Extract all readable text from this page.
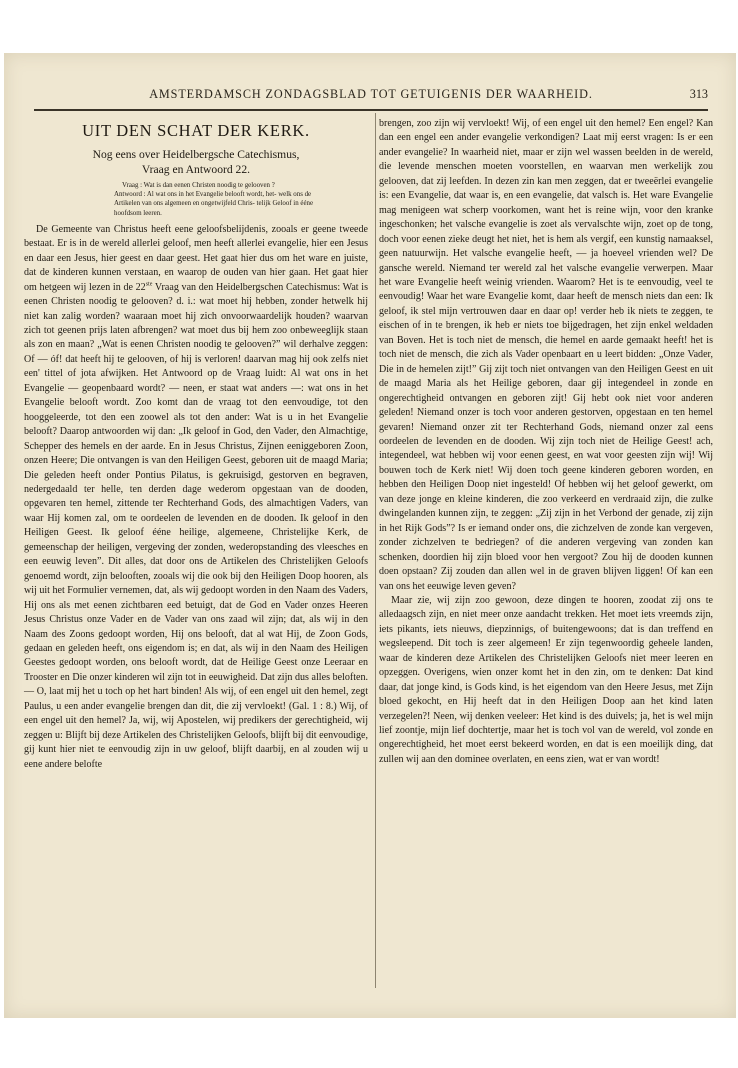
AMSTERDAMSCH ZONDAGSBLAD TOT GETUIGENIS DER WAARHEID.	313
UIT DEN SCHAT DER KERK.
Nog eens over Heidelbergsche Catechismus,
Vraag en Antwoord 22.
Vraag : Wat is dan eenen Christen noodig te gelooven ?
Antwoord : Al wat ons in het Evangelie belooft wordt, het- welk ons de Artikelen van ons algemeen en ongetwijfeld Chris- telijk Geloof in ééne hoofdsom leeren.

De Gemeente van Christus heeft eene geloofsbelijdenis, zooals er geene tweede bestaat. Er is in de wereld allerlei geloof, men heeft allerlei evangelie, hier een Jesus en daar een Jesus, hier geest en daar geest. Het gaat hier dus om het ware en juiste, dat de kinderen kunnen verstaan, en waarop de ouden van hier gaan. Het gaat hier om hetgeen wij lezen in de 22ste Vraag van den Heidelbergschen Catechismus: Wat is eenen Christen noodig te gelooven? d. i.: wat moet hij hebben, zonder hetwelk hij niet kan zalig worden? waaraan moet hij zich onvoorwaardelijk houden? waarvan zich tot geenen prijs laten afbrengen? wat moet dus bij hem zoo onbeweeglijk staan als zon en maan? „Wat is eenen Christen noodig te gelooven?” wil derhalve zeggen: Of — óf! dat heeft hij te gelooven, of hij is verloren! daarvan mag hij ook zelfs niet een' tittel of jota afwijken. Het Antwoord op de Vraag luidt: Al wat ons in het Evangelie — geopenbaard wordt? — neen, er staat wat anders —: wat ons in het Evangelie belooft wordt. Zoo komt dan de vraag tot den eenvoudige, tot den hooggeleerde, tot den een zoowel als tot den ander: Wat is u in het Evangelie belooft? Daarop antwoorden wij dan: „Ik geloof in God, den Vader, den Almachtige, Schepper des hemels en der aarde. En in Jesus Christus, Zijnen eeniggeboren Zoon, onzen Heere; Die ontvangen is van den Heiligen Geest, geboren uit de maagd Maria; Die geleden heeft onder Pontius Pilatus, is gekruisigd, gestorven en begraven, nedergedaald ter helle, ten derden dage wederom opgestaan van de dooden, opgevaren ten hemel, zittende ter Rechterhand Gods, des almachtigen Vaders, van waar Hij komen zal, om te oordeelen de levenden en de dooden. Ik geloof in den Heiligen Geest. Ik geloof ééne heilige, algemeene, Christelijke Kerk, de gemeenschap der heiligen, vergeving der zonden, wederopstanding des vleesches en een eeuwig leven”. Dit alles, dat door ons de Artikelen des Christelijken Geloofs genoemd wordt, zijn belooften, zooals wij die ook bij den Heiligen Doop hooren, als wij uit het Formulier vernemen, dat, als wij gedoopt worden in den Naam des Vaders, Hij ons als met eenen zichtbaren eed betuigt, dat de God en Vader onzes Heeren Jesus Christus onze Vader en de Vader van ons zaad wil zijn; dat, als wij in den Naam des Zoons gedoopt worden, Hij ons belooft, dat al wat Hij, de Zoon Gods, gedaan en geleden heeft, ons eigendom is; en dat, als wij in den Naam des Heiligen Geestes gedoopt worden, ons belooft wordt, dat de Heilige Geest onze Leeraar en Trooster en Die onzer kinderen wil zijn tot in eeuwigheid. Dat zijn dus alles beloften. — O, laat mij het u toch op het hart binden! Als wij, of een engel uit den hemel, zegt Paulus, u een ander evangelie brengen dan dit, die zij vervloekt! (Gal. 1 : 8.) Wij, of een engel uit den hemel? Ja, wij, wij Apostelen, wij predikers der gerechtigheid, wij zeggen u: Blijft bij deze Artikelen des Christelijken Geloofs, blijft bij dit eenvoudige, gij kunt hier niet te eenvoudig zijn in uw geloof, blijft daarbij, en al zouden wij u eene andere belofte

brengen, zoo zijn wij vervloekt! Wij, of een engel uit den hemel? Een engel? Kan dan een engel een ander evangelie verkondigen? Laat mij eerst vragen: Is er een ander evangelie? In waarheid niet, maar er zijn wel wassen beelden in de wereld, die levende menschen moeten voorstellen, en waarvan men werkelijk zou gelooven, dat zij leefden. In dezen zin kan men zeggen, dat er tweeërlei evangelie is: een Evangelie, dat waar is, en een evangelie, dat valsch is. Het ware Evangelie mag menigeen wat scherp voorkomen, want het is reine wijn, voor den kranke ingeschonken; het valsche evangelie is zoet als vervalschte wijn, zoet op de tong, doch voor eenen zieke deugt het niet, het is hem als vergif, een kunstig namaaksel, geen natuurwijn. Het valsche evangelie heeft, — ja hoeveel vrienden wel? De gansche wereld. Niemand ter wereld zal het valsche evangelie verwerpen. Maar het ware Evangelie heeft weinig vrienden. Waarom? Het is te eenvoudig, veel te eenvoudig! Waar het ware Evangelie komt, daar heeft de mensch niets dan een: Ik geloof, ik stel mijn vertrouwen daar en daar op! verder heb ik niets te zeggen, te eischen of in te brengen, ik heb er niets toe bijgedragen, het zijn enkel weldaden van Boven. Het is toch niet de mensch, die hemel en aarde gemaakt heeft! het is toch niet de mensch, die zich als Vader openbaart en u leert bidden: „Onze Vader, Die in de hemelen zijt!” Gij zijt toch niet ontvangen van den Heiligen Geest en uit de maagd Maria als het Heilige geboren, daar gij integendeel in zonde en ongerechtigheid ontvangen en geboren zijt! Gij hebt ook niet voor anderen geleden! Niemand onzer is toch voor anderen gestorven, opgestaan en ten hemel gevaren! Niemand onzer zit ter Rechterhand Gods, niemand onzer zal eens oordeelen de levenden en de dooden. Wij zijn toch niet de Heilige Geest! ach, integendeel, wat hebben wij voor eenen geest, en wat voor geesten zijn wij! Wij bouwen toch de Kerk niet! Wij doen toch geene kinderen geboren worden, en hebben den Heiligen Doop niet ingesteld! Of hebben wij het geloof gewerkt, om van deze jonge en kleine kinderen, die zoo verkeerd en verdraaid zijn, die zulke dwingelanden kunnen zijn, te zeggen: „Zij zijn in het Verbond der genade, zij zijn in het Rijk Gods”? Is er iemand onder ons, die zichzelven de zonde kan vergeven, zonder zichzelven te bedriegen? of die anderen vergeving van zonden kan schenken, doordien hij zijn bloed voor hen vergoot? Zou hij de dooden kunnen doen opstaan? Zij zouden dan allen wel in de graven blijven liggen! Of kan een van ons het eeuwige leven geven?

Maar zie, wij zijn zoo gewoon, deze dingen te hooren, zoodat zij ons te alledaagsch zijn, en niet meer onze aandacht trekken. Het moet iets vreemds zijn, iets pikants, iets nieuws, diepzinnigs, of buitengewoons; dat is dan treffend en wegsleepend. Dit toch is zeer algemeen! Er zijn tegenwoordig geheele landen, waar de kinderen deze Artikelen des Christelijken Geloofs niet meer leeren en opzeggen. Overigens, wien onzer komt het in den zin, om te denken: Dat kind daar, dat jonge kind, is Gods kind, is het eigendom van den Heere Jesus, met Zijn bloed gekocht, en Hij heeft dat in den Heiligen Doop aan het kind laten verzegelen?! Neen, wij denken veeleer: Het kind is des duivels; ja, het is wel mijn lief zoontje, mijn lief dochtertje, maar het is toch vol van de wereld, vol zonde en ongerechtigheid, het moet eerst bekeerd worden, en dat is een moeilijk ding, dat zullen wij aan den dominee overlaten, en eens zien, wat er van wordt!
